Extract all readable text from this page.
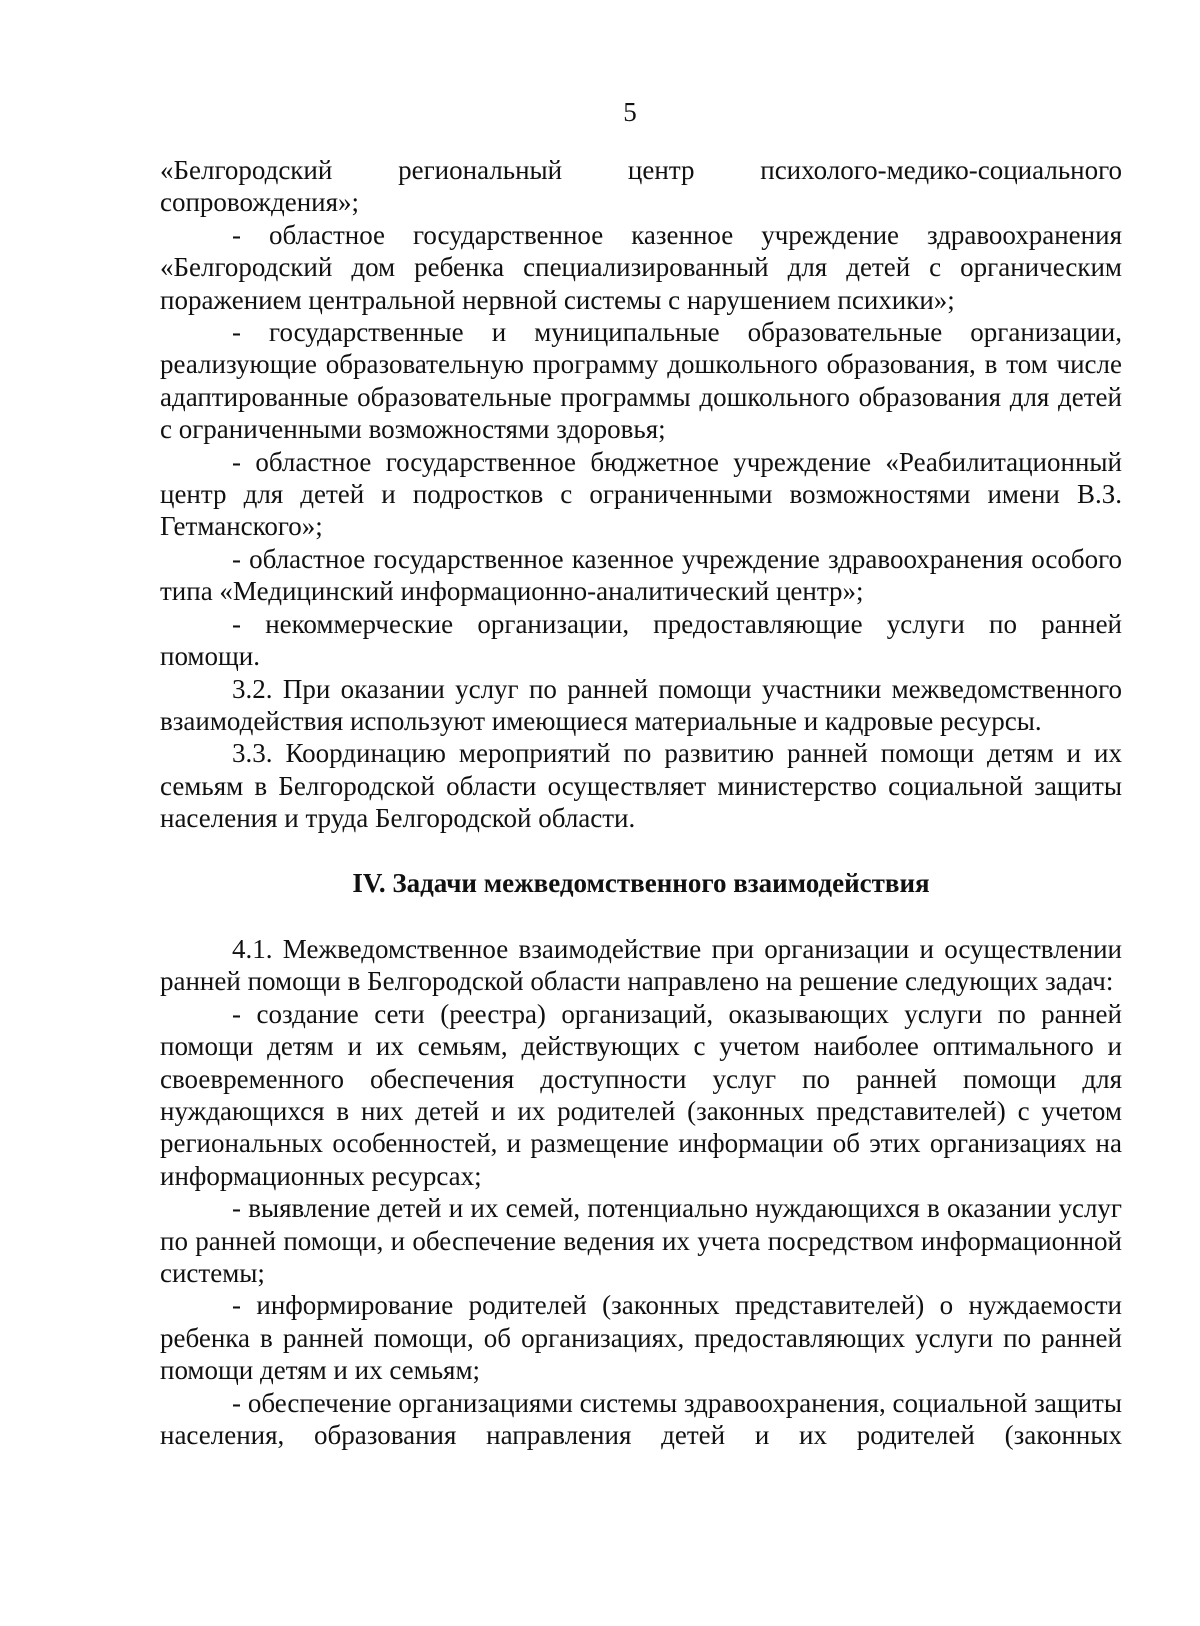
5

«Белгородский региональный центр психолого-медико-социального сопровождения»;

- областное государственное казенное учреждение здравоохранения «Белгородский дом ребенка специализированный для детей с органическим поражением центральной нервной системы с нарушением психики»;

- государственные и муниципальные образовательные организации, реализующие образовательную программу дошкольного образования, в том числе адаптированные образовательные программы дошкольного образования для детей с ограниченными возможностями здоровья;

- областное государственное бюджетное учреждение «Реабилитационный центр для детей и подростков с ограниченными возможностями имени В.З. Гетманского»;

- областное государственное казенное учреждение здравоохранения особого типа «Медицинский информационно-аналитический центр»;

- некоммерческие организации, предоставляющие услуги по ранней помощи.

3.2. При оказании услуг по ранней помощи участники межведомственного взаимодействия используют имеющиеся материальные и кадровые ресурсы.

3.3. Координацию мероприятий по развитию ранней помощи детям и их семьям в Белгородской области осуществляет министерство социальной защиты населения и труда Белгородской области.

IV. Задачи межведомственного взаимодействия

4.1. Межведомственное взаимодействие при организации и осуществлении ранней помощи в Белгородской области направлено на решение следующих задач:

- создание сети (реестра) организаций, оказывающих услуги по ранней помощи детям и их семьям, действующих с учетом наиболее оптимального и своевременного обеспечения доступности услуг по ранней помощи для нуждающихся в них детей и их родителей (законных представителей) с учетом региональных особенностей, и размещение информации об этих организациях на информационных ресурсах;

- выявление детей и их семей, потенциально нуждающихся в оказании услуг по ранней помощи, и обеспечение ведения их учета посредством информационной системы;

- информирование родителей (законных представителей) о нуждаемости ребенка в ранней помощи, об организациях, предоставляющих услуги по ранней помощи детям и их семьям;

- обеспечение организациями системы здравоохранения, социальной защиты населения, образования направления детей и их родителей (законных
